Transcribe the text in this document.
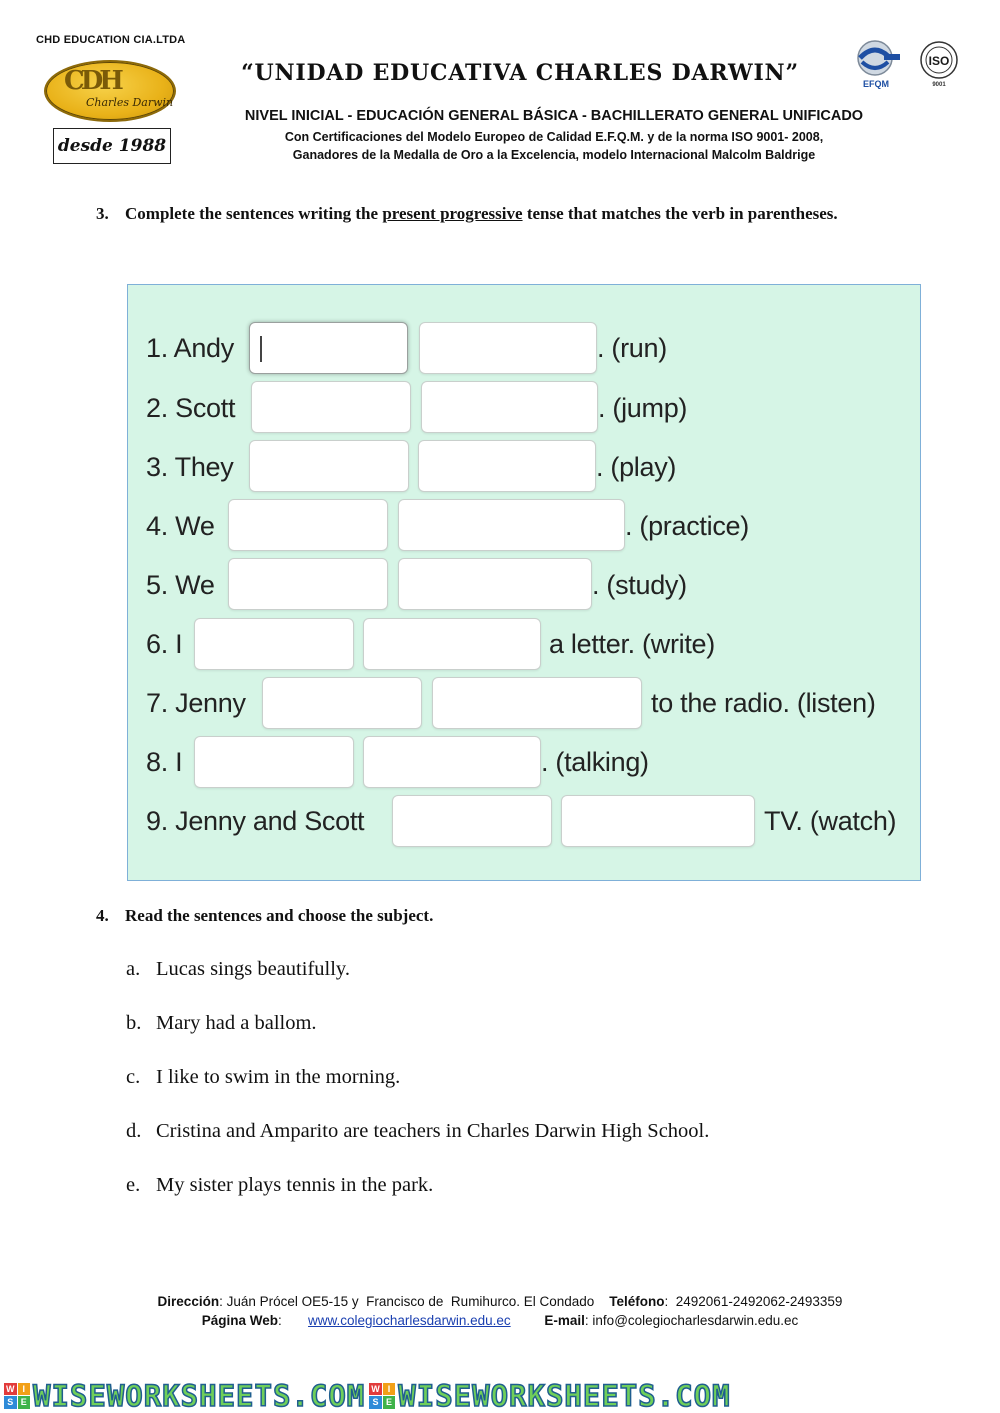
CHD EDUCATION CIA.LTDA
CDH
Charles Darwin
desde 1988
“UNIDAD EDUCATIVA CHARLES DARWIN”
NIVEL INICIAL - EDUCACIÓN GENERAL BÁSICA - BACHILLERATO GENERAL UNIFICADO
Con Certificaciones del Modelo Europeo de Calidad E.F.Q.M. y de la norma ISO 9001- 2008,
Ganadores de la Medalla de Oro a la Excelencia, modelo Internacional Malcolm Baldrige
EFQM
ISO
9001
3. Complete the sentences writing the present progressive tense that matches the verb in parentheses.
1. Andy	. (run)
2. Scott	. (jump)
3. They	. (play)
4. We	. (practice)
5. We	. (study)
6. I	a letter. (write)
7. Jenny	to the radio. (listen)
8. I	. (talking)
9. Jenny and Scott	TV. (watch)
4. Read the sentences and choose the subject.
a. Lucas sings beautifully.
b. Mary had a ballom.
c. I like to swim in the morning.
d. Cristina and Amparito are teachers in Charles Darwin High School.
e. My sister plays tennis in the park.
Dirección: Juán Prócel OE5-15 y  Francisco de  Rumihurco. El Condado    Teléfono:  2492061-2492062-2493359
Página Web:       www.colegiocharlesdarwin.edu.ec	E-mail: info@colegiocharlesdarwin.edu.ec
W I
S E WISEWORKSHEETS.COM W I
S E WISEWORKSHEETS.COM
